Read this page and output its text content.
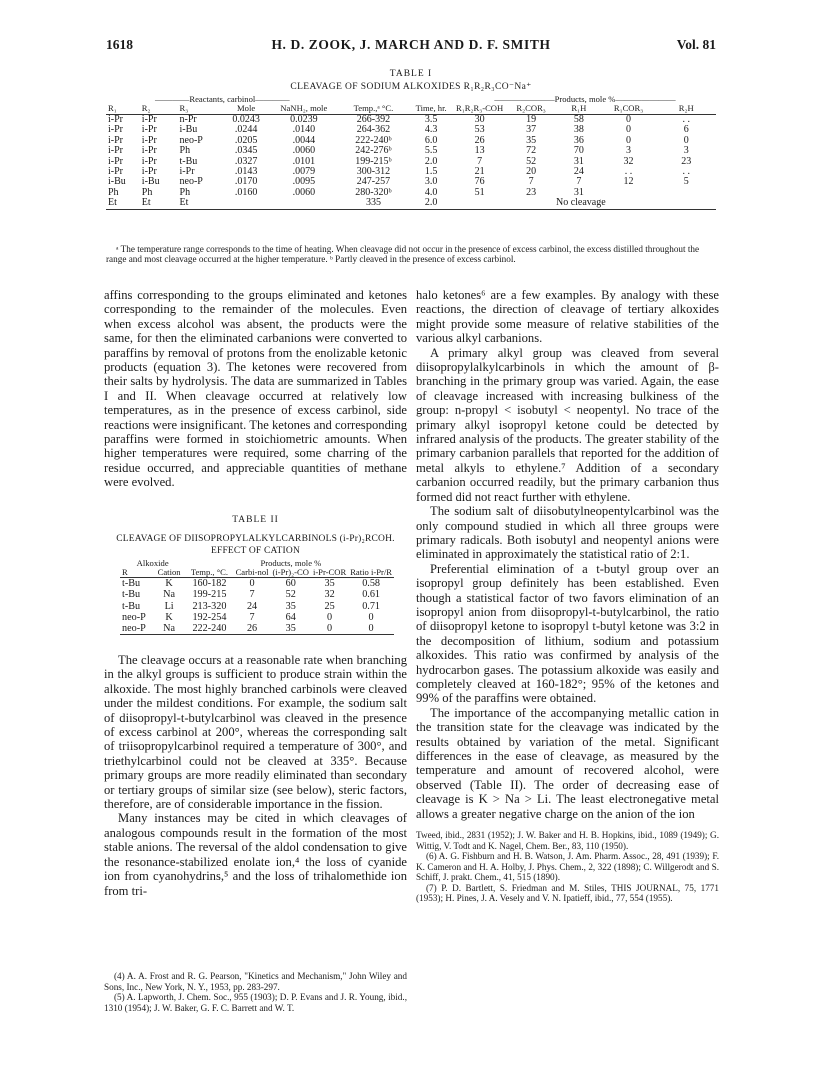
1618	H. D. ZOOK, J. MARCH AND D. F. SMITH	Vol. 81
TABLE I
CLEAVAGE OF SODIUM ALKOXIDES R₁R₂R₃CO⁻Na⁺
————Reactants, carbinol————							———————Products, mole %———————				
R₁	R₂	R₃	Mole	NaNH₂, mole	Temp.,ᵃ °C.	Time, hr.	R₁R₂R₃-COH	R₂COR₃	R₁H	R₁COR₃	R₂H
i-Pr	i-Pr	n-Pr	0.0243	0.0239	266-392	3.5	30	19	58	0	. .
i-Pr	i-Pr	i-Bu	.0244	.0140	264-362	4.3	53	37	38	0	6
i-Pr	i-Pr	neo-P	.0205	.0044	222-240ᵇ	6.0	26	35	36	0	0
i-Pr	i-Pr	Ph	.0345	.0060	242-276ᵇ	5.5	13	72	70	3	3
i-Pr	i-Pr	t-Bu	.0327	.0101	199-215ᵇ	2.0	7	52	31	32	23
i-Pr	i-Pr	i-Pr	.0143	.0079	300-312	1.5	21	20	24	. .	. .
i-Bu	i-Bu	neo-P	.0170	.0095	247-257	3.0	76	7	7	12	5
Ph	Ph	Ph	.0160	.0060	280-320ᵇ	4.0	51	23	31		
Et	Et	Et			335	2.0		No cleavage			
ᵃ The temperature range corresponds to the time of heating. When cleavage did not occur in the presence of excess carbinol, the excess distilled throughout the range and most cleavage occurred at the higher temperature. ᵇ Partly cleaved in the presence of excess carbinol.

affins corresponding to the groups eliminated and ketones corresponding to the remainder of the molecules. Even when excess alcohol was absent, the products were the same, for then the eliminated carbanions were converted to paraffins by removal of protons from the enolizable ketonic products (equation 3). The ketones were recovered from their salts by hydrolysis. The data are summarized in Tables I and II. When cleavage occurred at relatively low temperatures, as in the presence of excess carbinol, side reactions were insignificant. The ketones and corresponding paraffins were formed in stoichiometric amounts. When higher temperatures were required, some charring of the residue occurred, and appreciable quantities of methane were evolved.

TABLE II
CLEAVAGE OF DIISOPROPYLALKYLCARBINOLS (i-Pr)₂RCOH.
EFFECT OF CATION
Alkoxide			Products, mole %			
R	Cation	Temp., °C.	Carbi-nol	(i-Pr)₂-CO	i-Pr-COR	Ratio i-Pr/R
t-Bu	K	160-182	0	60	35	0.58
t-Bu	Na	199-215	7	52	32	0.61
t-Bu	Li	213-320	24	35	25	0.71
neo-P	K	192-254	7	64	0	0
neo-P	Na	222-240	26	35	0	0

The cleavage occurs at a reasonable rate when branching in the alkyl groups is sufficient to produce strain within the alkoxide. The most highly branched carbinols were cleaved under the mildest conditions. For example, the sodium salt of diisopropyl-t-butylcarbinol was cleaved in the presence of excess carbinol at 200°, whereas the corresponding salt of triisopropylcarbinol required a temperature of 300°, and triethylcarbinol could not be cleaved at 335°. Because primary groups are more readily eliminated than secondary or tertiary groups of similar size (see below), steric factors, therefore, are of considerable importance in the fission.

Many instances may be cited in which cleavages of analogous compounds result in the formation of the most stable anions. The reversal of the aldol condensation to give the resonance-stabilized enolate ion,⁴ the loss of cyanide ion from cyanohydrins,⁵ and the loss of trihalomethide ion from tri-

halo ketones⁶ are a few examples. By analogy with these reactions, the direction of cleavage of tertiary alkoxides might provide some measure of relative stabilities of the various alkyl carbanions.

A primary alkyl group was cleaved from several diisopropylalkylcarbinols in which the amount of β-branching in the primary group was varied. Again, the ease of cleavage increased with increasing bulkiness of the group: n-propyl < isobutyl < neopentyl. No trace of the primary alkyl isopropyl ketone could be detected by infrared analysis of the products. The greater stability of the primary carbanion parallels that reported for the addition of metal alkyls to ethylene.⁷ Addition of a secondary carbanion occurred readily, but the primary carbanion thus formed did not react further with ethylene.

The sodium salt of diisobutylneopentylcarbinol was the only compound studied in which all three groups were primary radicals. Both isobutyl and neopentyl anions were eliminated in approximately the statistical ratio of 2:1.

Preferential elimination of a t-butyl group over an isopropyl group definitely has been established. Even though a statistical factor of two favors elimination of an isopropyl anion from diisopropyl-t-butylcarbinol, the ratio of diisopropyl ketone to isopropyl t-butyl ketone was 3:2 in the decomposition of lithium, sodium and potassium alkoxides. This ratio was confirmed by analysis of the hydrocarbon gases. The potassium alkoxide was easily and completely cleaved at 160-182°; 95% of the ketones and 99% of the paraffins were obtained.

The importance of the accompanying metallic cation in the transition state for the cleavage was indicated by the results obtained by variation of the metal. Significant differences in the ease of cleavage, as measured by the temperature and amount of recovered alcohol, were observed (Table II). The order of decreasing ease of cleavage is K > Na > Li. The least electronegative metal allows a greater negative charge on the anion of the ion

(4) A. A. Frost and R. G. Pearson, "Kinetics and Mechanism," John Wiley and Sons, Inc., New York, N. Y., 1953, pp. 283-297.

(5) A. Lapworth, J. Chem. Soc., 955 (1903); D. P. Evans and J. R. Young, ibid., 1310 (1954); J. W. Baker, G. F. C. Barrett and W. T.

Tweed, ibid., 2831 (1952); J. W. Baker and H. B. Hopkins, ibid., 1089 (1949); G. Wittig, V. Todt and K. Nagel, Chem. Ber., 83, 110 (1950).

(6) A. G. Fishburn and H. B. Watson, J. Am. Pharm. Assoc., 28, 491 (1939); F. K. Cameron and H. A. Holby, J. Phys. Chem., 2, 322 (1898); C. Willgerodt and S. Schiff, J. prakt. Chem., 41, 515 (1890).

(7) P. D. Bartlett, S. Friedman and M. Stiles, THIS JOURNAL, 75, 1771 (1953); H. Pines, J. A. Vesely and V. N. Ipatieff, ibid., 77, 554 (1955).
